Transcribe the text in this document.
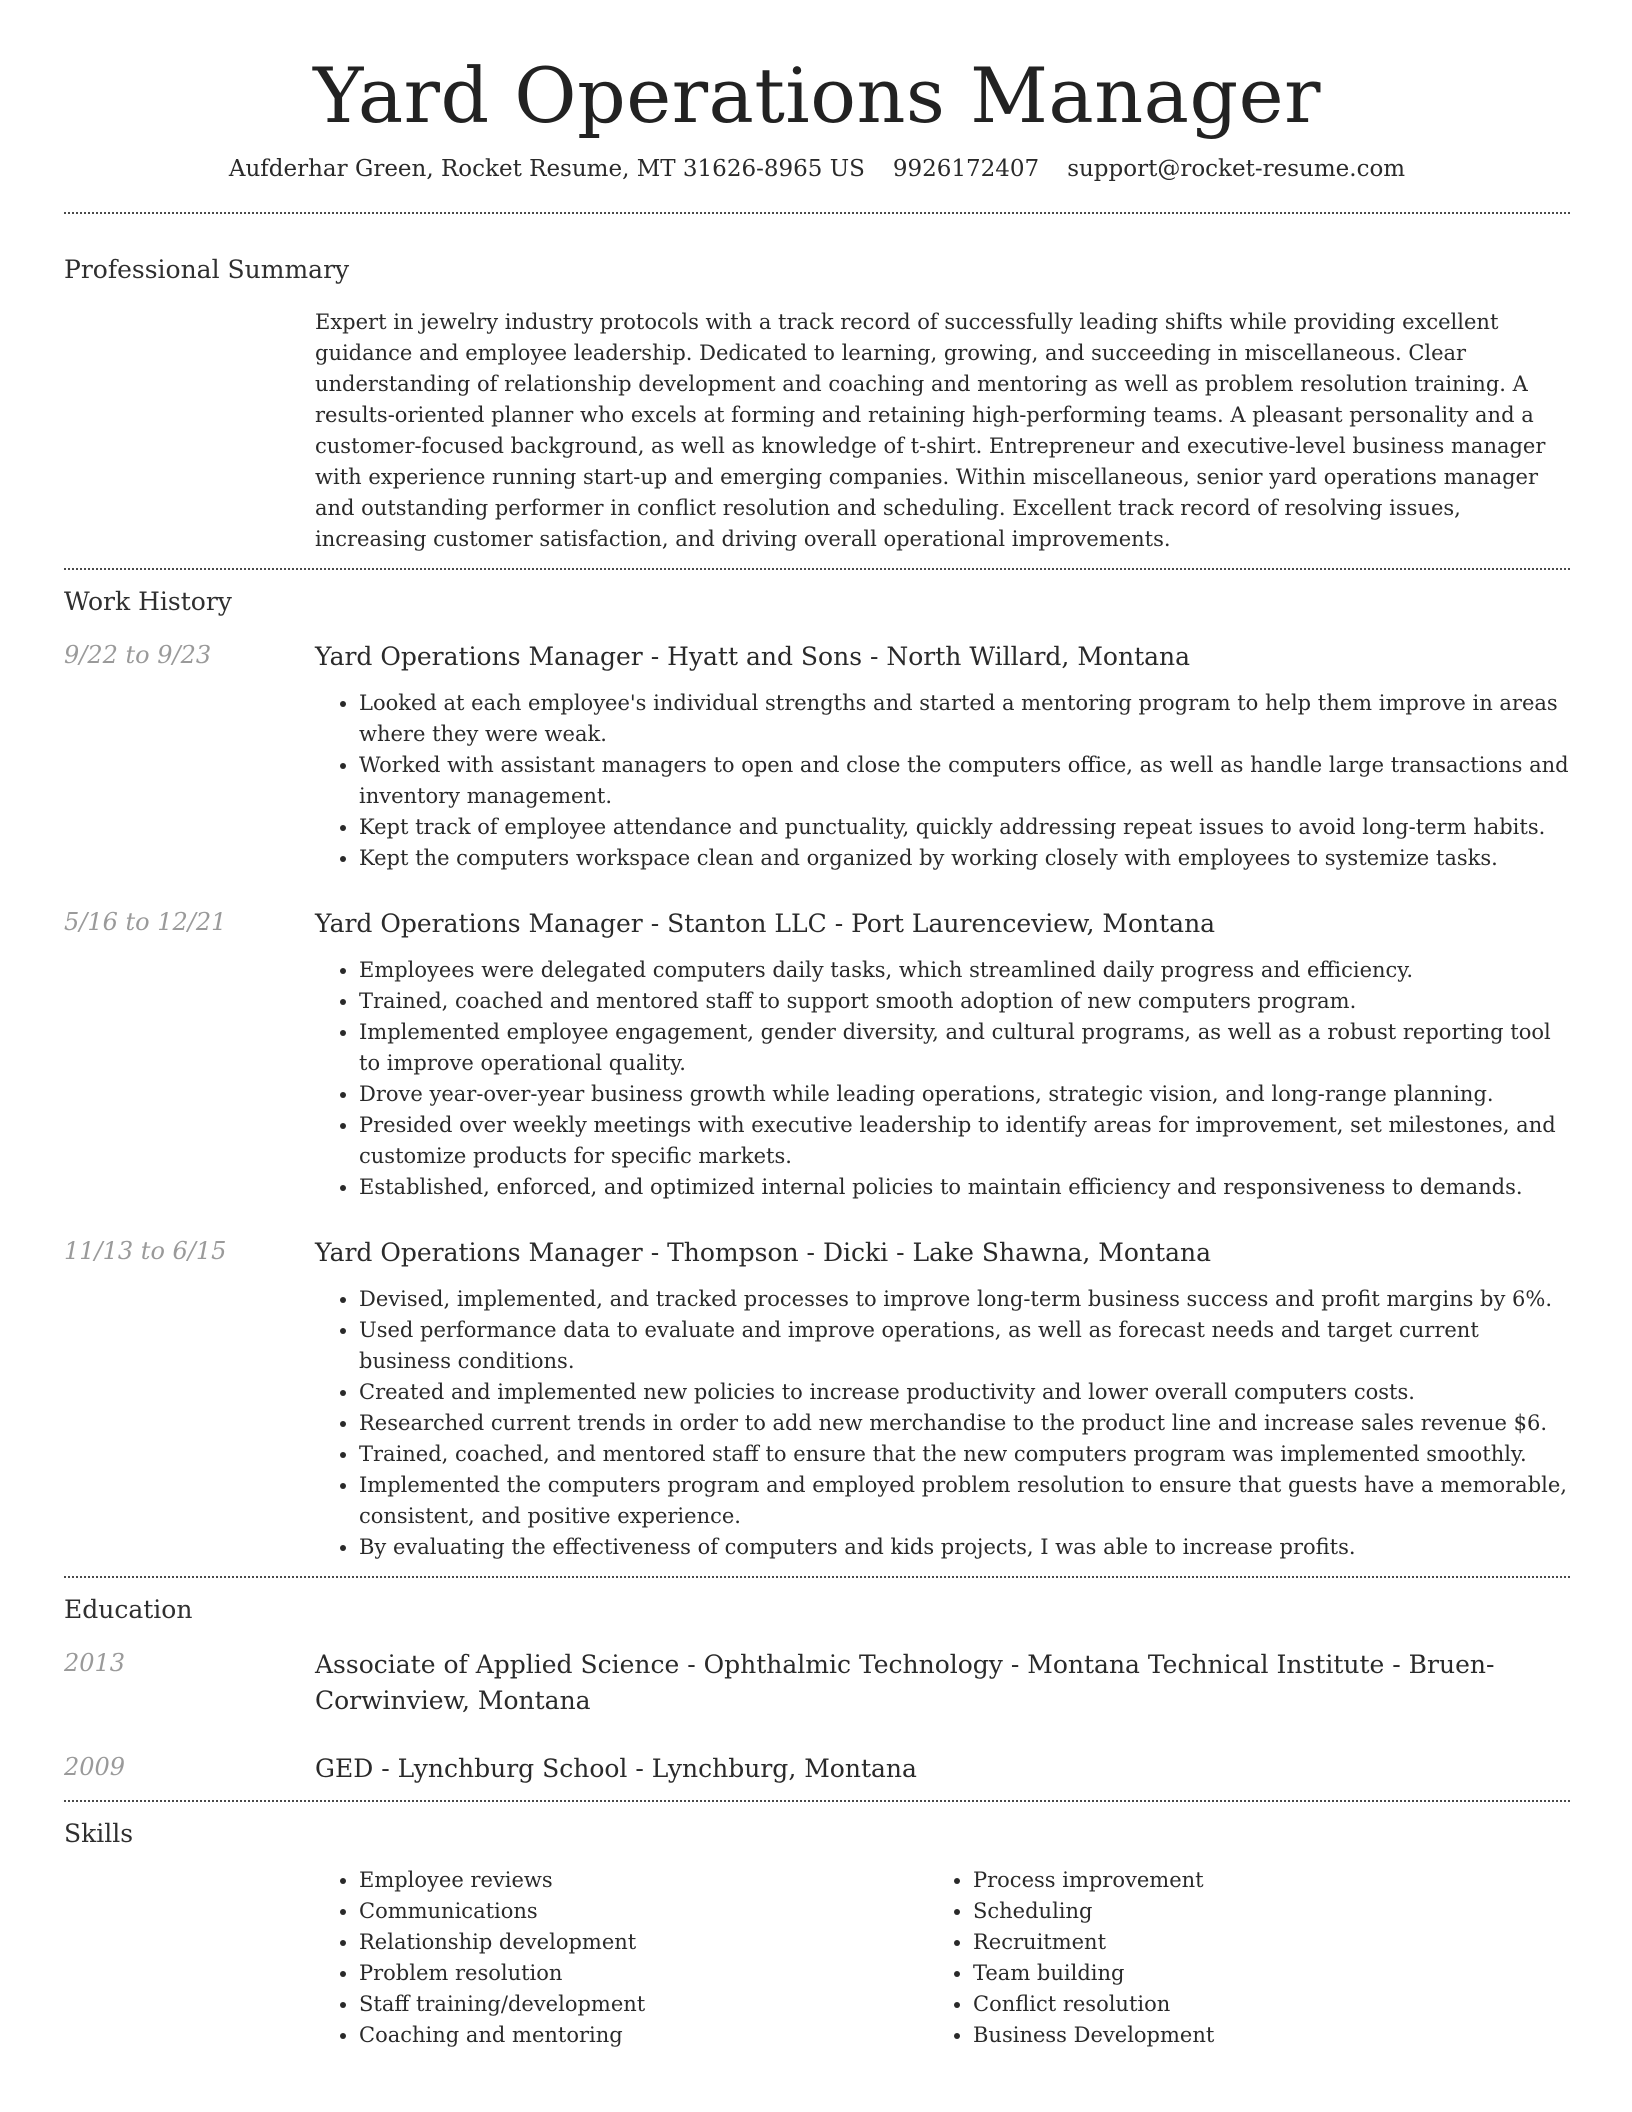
Yard Operations Manager
Aufderhar Green, Rocket Resume, MT 31626-8965 US 9926172407 support@rocket-resume.com
Professional Summary

Expert in jewelry industry protocols with a track record of successfully leading shifts while providing excellent guidance and employee leadership. Dedicated to learning, growing, and succeeding in miscellaneous. Clear understanding of relationship development and coaching and mentoring as well as problem resolution training. A results-oriented planner who excels at forming and retaining high-performing teams. A pleasant personality and a customer-focused background, as well as knowledge of t-shirt. Entrepreneur and executive-level business manager with experience running start-up and emerging companies. Within miscellaneous, senior yard operations manager and outstanding performer in conflict resolution and scheduling. Excellent track record of resolving issues, increasing customer satisfaction, and driving overall operational improvements.

Work History
9/22 to 9/23	Yard Operations Manager - Hyatt and Sons - North Willard, Montana
• Looked at each employee's individual strengths and started a mentoring program to help them improve in areas where they were weak.
• Worked with assistant managers to open and close the computers office, as well as handle large transactions and inventory management.
• Kept track of employee attendance and punctuality, quickly addressing repeat issues to avoid long-term habits.
• Kept the computers workspace clean and organized by working closely with employees to systemize tasks.
5/16 to 12/21	Yard Operations Manager - Stanton LLC - Port Laurenceview, Montana
• Employees were delegated computers daily tasks, which streamlined daily progress and efficiency.
• Trained, coached and mentored staff to support smooth adoption of new computers program.
• Implemented employee engagement, gender diversity, and cultural programs, as well as a robust reporting tool to improve operational quality.
• Drove year-over-year business growth while leading operations, strategic vision, and long-range planning.
• Presided over weekly meetings with executive leadership to identify areas for improvement, set milestones, and customize products for specific markets.
• Established, enforced, and optimized internal policies to maintain efficiency and responsiveness to demands.
11/13 to 6/15	Yard Operations Manager - Thompson - Dicki - Lake Shawna, Montana
• Devised, implemented, and tracked processes to improve long-term business success and profit margins by 6%.
• Used performance data to evaluate and improve operations, as well as forecast needs and target current business conditions.
• Created and implemented new policies to increase productivity and lower overall computers costs.
• Researched current trends in order to add new merchandise to the product line and increase sales revenue $6.
• Trained, coached, and mentored staff to ensure that the new computers program was implemented smoothly.
• Implemented the computers program and employed problem resolution to ensure that guests have a memorable, consistent, and positive experience.
• By evaluating the effectiveness of computers and kids projects, I was able to increase profits.
Education
2013	Associate of Applied Science - Ophthalmic Technology - Montana Technical Institute - Bruen-Corwinview, Montana
2009	GED - Lynchburg School - Lynchburg, Montana
Skills
• Employee reviews
• Communications
• Relationship development
• Problem resolution
• Staff training/development
• Coaching and mentoring
• Process improvement
• Scheduling
• Recruitment
• Team building
• Conflict resolution
• Business Development
